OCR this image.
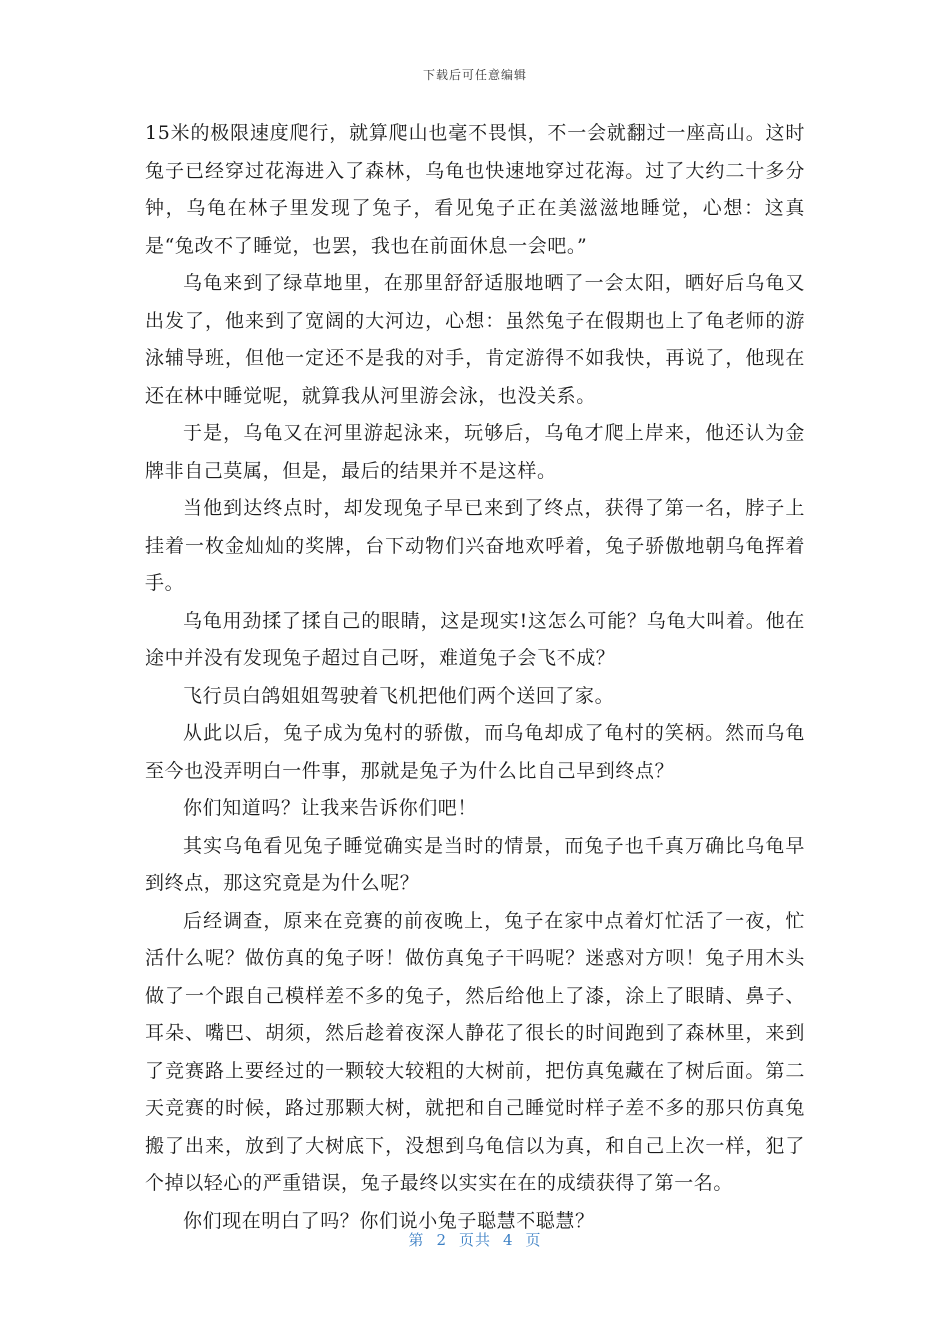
下载后可任意编辑

15米的极限速度爬行，就算爬山也毫不畏惧，不一会就翻过一座高山。这时兔子已经穿过花海进入了森林，乌龟也快速地穿过花海。过了大约二十多分钟，乌龟在林子里发现了兔子，看见兔子正在美滋滋地睡觉，心想：这真是“兔改不了睡觉，也罢，我也在前面休息一会吧。”

乌龟来到了绿草地里，在那里舒舒适服地晒了一会太阳，晒好后乌龟又出发了，他来到了宽阔的大河边，心想：虽然兔子在假期也上了龟老师的游泳辅导班，但他一定还不是我的对手，肯定游得不如我快，再说了，他现在还在林中睡觉呢，就算我从河里游会泳，也没关系。

于是，乌龟又在河里游起泳来，玩够后，乌龟才爬上岸来，他还认为金牌非自己莫属，但是，最后的结果并不是这样。

当他到达终点时，却发现兔子早已来到了终点，获得了第一名，脖子上挂着一枚金灿灿的奖牌，台下动物们兴奋地欢呼着，兔子骄傲地朝乌龟挥着手。

乌龟用劲揉了揉自己的眼睛，这是现实!这怎么可能？乌龟大叫着。他在途中并没有发现兔子超过自己呀，难道兔子会飞不成？

飞行员白鸽姐姐驾驶着飞机把他们两个送回了家。

从此以后，兔子成为兔村的骄傲，而乌龟却成了龟村的笑柄。然而乌龟至今也没弄明白一件事，那就是兔子为什么比自己早到终点？

你们知道吗？让我来告诉你们吧！

其实乌龟看见兔子睡觉确实是当时的情景，而兔子也千真万确比乌龟早到终点，那这究竟是为什么呢？

后经调查，原来在竞赛的前夜晚上，兔子在家中点着灯忙活了一夜，忙活什么呢？做仿真的兔子呀！做仿真兔子干吗呢？迷惑对方呗！兔子用木头做了一个跟自己模样差不多的兔子，然后给他上了漆，涂上了眼睛、鼻子、耳朵、嘴巴、胡须，然后趁着夜深人静花了很长的时间跑到了森林里，来到了竞赛路上要经过的一颗较大较粗的大树前，把仿真兔藏在了树后面。第二天竞赛的时候，路过那颗大树，就把和自己睡觉时样子差不多的那只仿真兔搬了出来，放到了大树底下，没想到乌龟信以为真，和自己上次一样，犯了个掉以轻心的严重错误，兔子最终以实实在在的成绩获得了第一名。

你们现在明白了吗？你们说小兔子聪慧不聪慧？

第 2 页共 4 页
